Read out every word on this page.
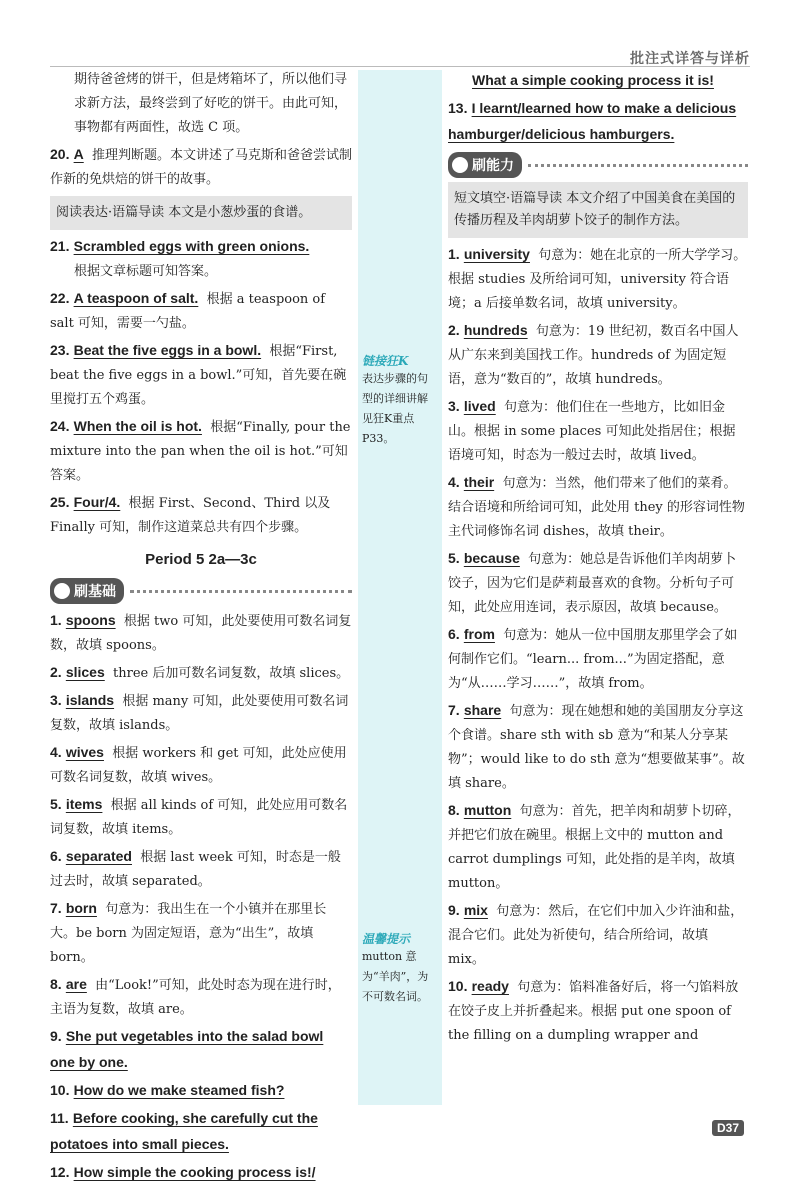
批注式详答与详析
链接狂K
表达步骤的句型的详细讲解见狂K重点P33。
温馨提示
mutton 意为“羊肉”，为不可数名词。
期待爸爸烤的饼干，但是烤箱坏了，所以他们寻求新方法，最终尝到了好吃的饼干。由此可知，事物都有两面性，故选 C 项。
20. A 推理判断题。本文讲述了马克斯和爸爸尝试制作新的免烘焙的饼干的故事。
阅读表达·语篇导读 本文是小葱炒蛋的食谱。
21. Scrambled eggs with green onions.
根据文章标题可知答案。
22. A teaspoon of salt. 根据 a teaspoon of salt 可知，需要一勺盐。
23. Beat the five eggs in a bowl. 根据“First, beat the five eggs in a bowl.”可知，首先要在碗里搅打五个鸡蛋。
24. When the oil is hot. 根据“Finally, pour the mixture into the pan when the oil is hot.”可知答案。
25. Four/4. 根据 First、Second、Third 以及 Finally 可知，制作这道菜总共有四个步骤。
Period 5 2a—3c
刷基础
1. spoons 根据 two 可知，此处要使用可数名词复数，故填 spoons。
2. slices three 后加可数名词复数，故填 slices。
3. islands 根据 many 可知，此处要使用可数名词复数，故填 islands。
4. wives 根据 workers 和 get 可知，此处应使用可数名词复数，故填 wives。
5. items 根据 all kinds of 可知，此处应用可数名词复数，故填 items。
6. separated 根据 last week 可知，时态是一般过去时，故填 separated。
7. born 句意为：我出生在一个小镇并在那里长大。be born 为固定短语，意为“出生”，故填 born。
8. are 由“Look!”可知，此处时态为现在进行时，主语为复数，故填 are。
9. She put vegetables into the salad bowl one by one.
10. How do we make steamed fish?
11. Before cooking, she carefully cut the potatoes into small pieces.
12. How simple the cooking process is!/
What a simple cooking process it is!
13. I learnt/learned how to make a delicious hamburger/delicious hamburgers.
刷能力
短文填空·语篇导读 本文介绍了中国美食在美国的传播历程及羊肉胡萝卜饺子的制作方法。
1. university 句意为：她在北京的一所大学学习。根据 studies 及所给词可知，university 符合语境；a 后接单数名词，故填 university。
2. hundreds 句意为：19 世纪初，数百名中国人从广东来到美国找工作。hundreds of 为固定短语，意为“数百的”，故填 hundreds。
3. lived 句意为：他们住在一些地方，比如旧金山。根据 in some places 可知此处指居住；根据语境可知，时态为一般过去时，故填 lived。
4. their 句意为：当然，他们带来了他们的菜肴。结合语境和所给词可知，此处用 they 的形容词性物主代词修饰名词 dishes，故填 their。
5. because 句意为：她总是告诉他们羊肉胡萝卜饺子，因为它们是萨莉最喜欢的食物。分析句子可知，此处应用连词，表示原因，故填 because。
6. from 句意为：她从一位中国朋友那里学会了如何制作它们。“learn... from...”为固定搭配，意为“从……学习……”，故填 from。
7. share 句意为：现在她想和她的美国朋友分享这个食谱。share sth with sb 意为“和某人分享某物”；would like to do sth 意为“想要做某事”。故填 share。
8. mutton 句意为：首先，把羊肉和胡萝卜切碎，并把它们放在碗里。根据上文中的 mutton and carrot dumplings 可知，此处指的是羊肉，故填 mutton。
9. mix 句意为：然后，在它们中加入少许油和盐，混合它们。此处为祈使句，结合所给词，故填 mix。
10. ready 句意为：馅料准备好后，将一勺馅料放在饺子皮上并折叠起来。根据 put one spoon of the filling on a dumpling wrapper and
D37
